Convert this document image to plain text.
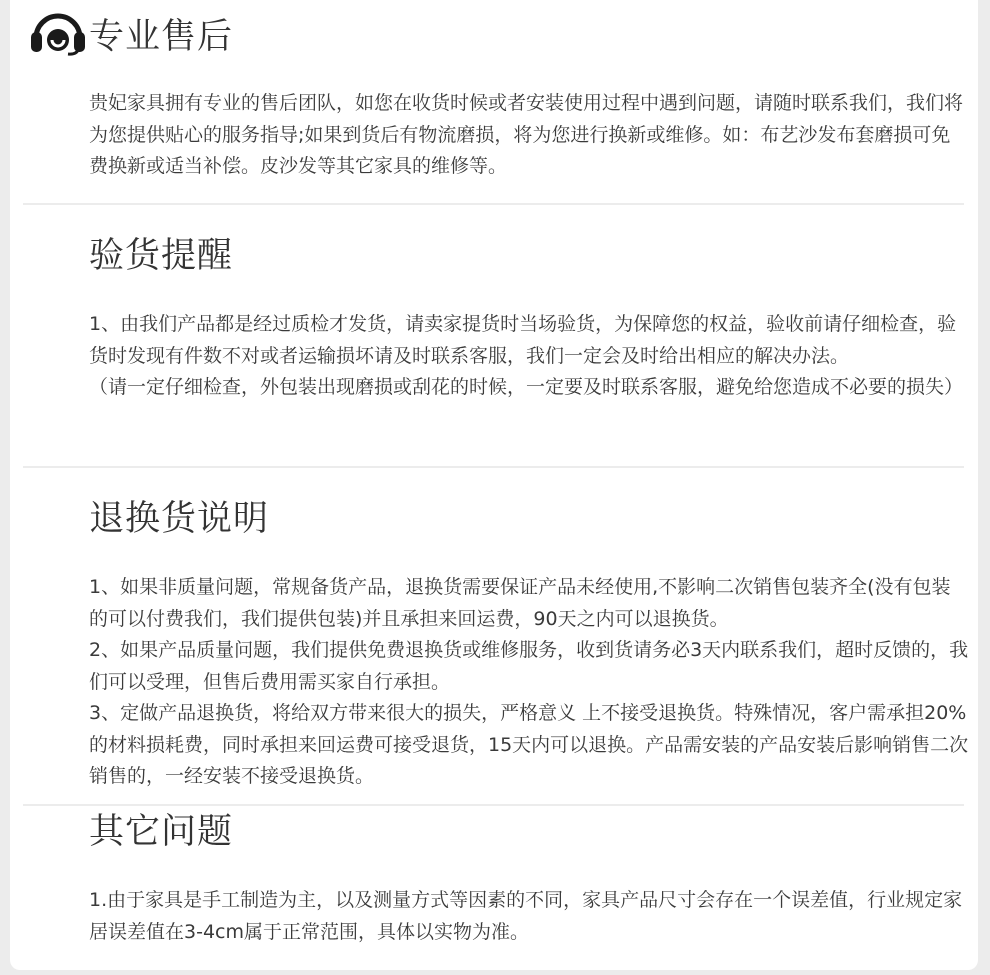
专业售后

贵妃家具拥有专业的售后团队，如您在收货时候或者安装使用过程中遇到问题，请随时联系我们，我们将为您提供贴心的服务指导;如果到货后有物流磨损，将为您进行换新或维修。如：布艺沙发布套磨损可免费换新或适当补偿。皮沙发等其它家具的维修等。

验货提醒

1、由我们产品都是经过质检才发货，请卖家提货时当场验货，为保障您的权益，验收前请仔细检查，验货时发现有件数不对或者运输损坏请及时联系客服，我们一定会及时给出相应的解决办法。

（请一定仔细检查，外包装出现磨损或刮花的时候，一定要及时联系客服，避免给您造成不必要的损失）

退换货说明

1、如果非质量问题，常规备货产品，退换货需要保证产品未经使用,不影响二次销售包装齐全(没有包装的可以付费我们，我们提供包装)并且承担来回运费，90天之内可以退换货。

2、如果产品质量问题，我们提供免费退换货或维修服务，收到货请务必3天内联系我们，超时反馈的，我们可以受理，但售后费用需买家自行承担。

3、定做产品退换货，将给双方带来很大的损失，严格意义 上不接受退换货。特殊情况，客户需承担20%的材料损耗费，同时承担来回运费可接受退货，15天内可以退换。产品需安装的产品安装后影响销售二次销售的，一经安装不接受退换货。

其它问题

1.由于家具是手工制造为主，以及测量方式等因素的不同，家具产品尺寸会存在一个误差值，行业规定家居误差值在3-4cm属于正常范围，具体以实物为准。
